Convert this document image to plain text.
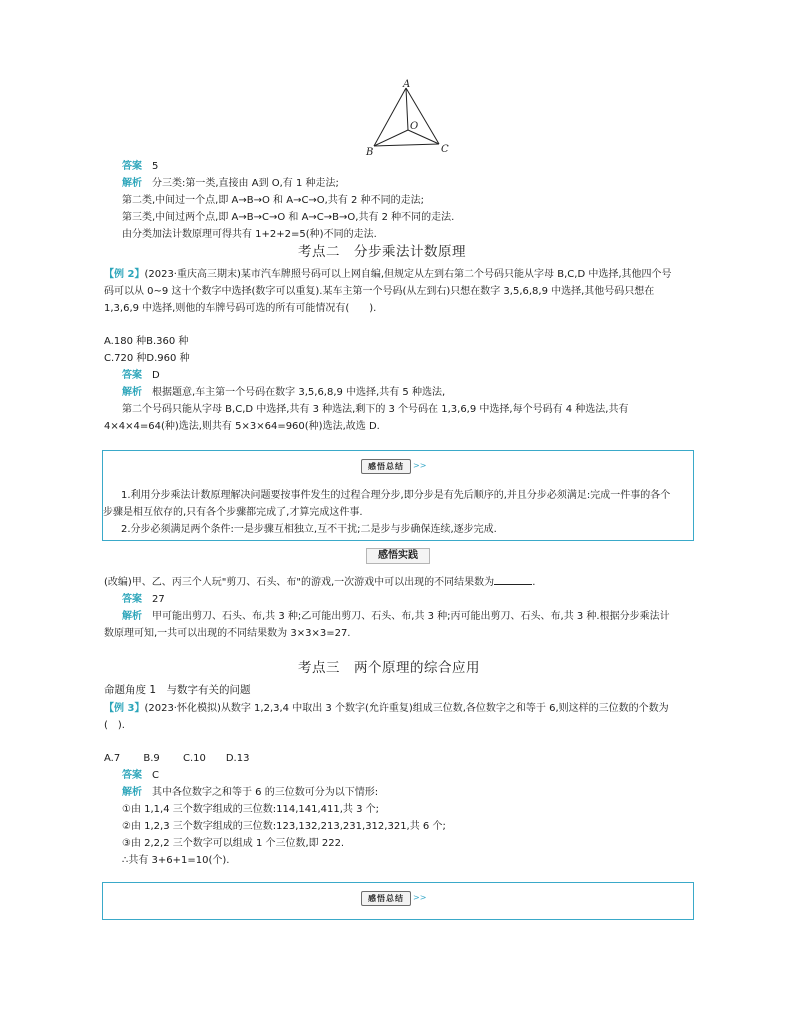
A
O
B	C
答案 5
解析 分三类:第一类,直接由 A到 O,有 1 种走法;
第二类,中间过一个点,即 A→B→O 和 A→C→O,共有 2 种不同的走法;
第三类,中间过两个点,即 A→B→C→O 和 A→C→B→O,共有 2 种不同的走法.
由分类加法计数原理可得共有 1+2+2=5(种)不同的走法.
考点二　分步乘法计数原理
【例 2】(2023·重庆高三期末)某市汽车牌照号码可以上网自编,但规定从左到右第二个号码只能从字母 B,C,D 中选择,其他四个号
码可以从 0~9 这十个数字中选择(数字可以重复).某车主第一个号码(从左到右)只想在数字 3,5,6,8,9 中选择,其他号码只想在
1,3,6,9 中选择,则他的车牌号码可选的所有可能情况有(　　).
A.180 种B.360 种
C.720 种D.960 种
答案 D
解析 根据题意,车主第一个号码在数字 3,5,6,8,9 中选择,共有 5 种选法,
第二个号码只能从字母 B,C,D 中选择,共有 3 种选法,剩下的 3 个号码在 1,3,6,9 中选择,每个号码有 4 种选法,共有
4×4×4=64(种)选法,则共有 5×3×64=960(种)选法,故选 D.
感悟总结	>>
1.利用分步乘法计数原理解决问题要按事件发生的过程合理分步,即分步是有先后顺序的,并且分步必须满足:完成一件事的各个
步骤是相互依存的,只有各个步骤都完成了,才算完成这件事.
2.分步必须满足两个条件:一是步骤互相独立,互不干扰;二是步与步确保连续,逐步完成.
感悟实践
(改编)甲、乙、丙三个人玩"剪刀、石头、布"的游戏,一次游戏中可以出现的不同结果数为	.
答案 27
解析 甲可能出剪刀、石头、布,共 3 种;乙可能出剪刀、石头、布,共 3 种;丙可能出剪刀、石头、布,共 3 种.根据分步乘法计
数原理可知,一共可以出现的不同结果数为 3×3×3=27.
考点三　两个原理的综合应用
命题角度 1　与数字有关的问题
【例 3】(2023·怀化模拟)从数字 1,2,3,4 中取出 3 个数字(允许重复)组成三位数,各位数字之和等于 6,则这样的三位数的个数为
(　).
A.7　　 B.9　　 C.10　　D.13
答案 C
解析 其中各位数字之和等于 6 的三位数可分为以下情形:
①由 1,1,4 三个数字组成的三位数:114,141,411,共 3 个;
②由 1,2,3 三个数字组成的三位数:123,132,213,231,312,321,共 6 个;
③由 2,2,2 三个数字可以组成 1 个三位数,即 222.
∴共有 3+6+1=10(个).
感悟总结	>>
